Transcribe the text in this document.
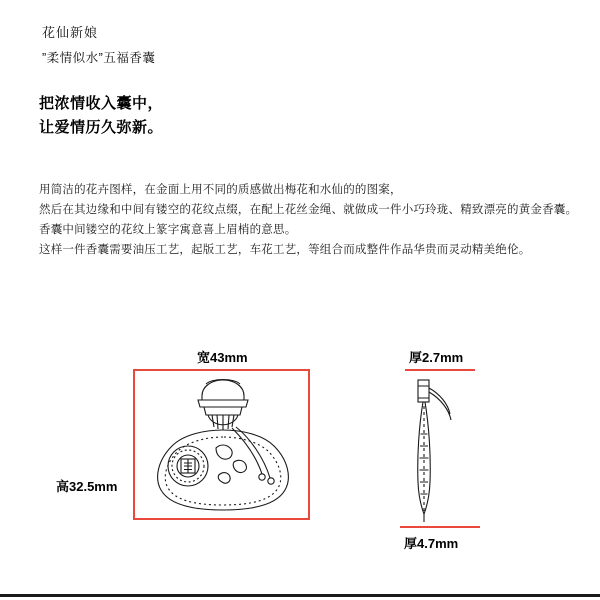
花仙新娘
”柔情似水”五福香囊
把浓情收入囊中，
让爱情历久弥新。
用简洁的花卉图样，在金面上用不同的质感做出梅花和水仙的的图案，
然后在其边缘和中间有镂空的花纹点缀，在配上花丝金绳、就做成一件小巧玲珑、精致漂亮的黄金香囊。
香囊中间镂空的花纹上篆字寓意喜上眉梢的意思。
这样一件香囊需要油压工艺，起版工艺，车花工艺，等组合而成整件作品华贵而灵动精美绝伦。
宽43mm
高32.5mm
厚2.7mm
厚4.7mm
